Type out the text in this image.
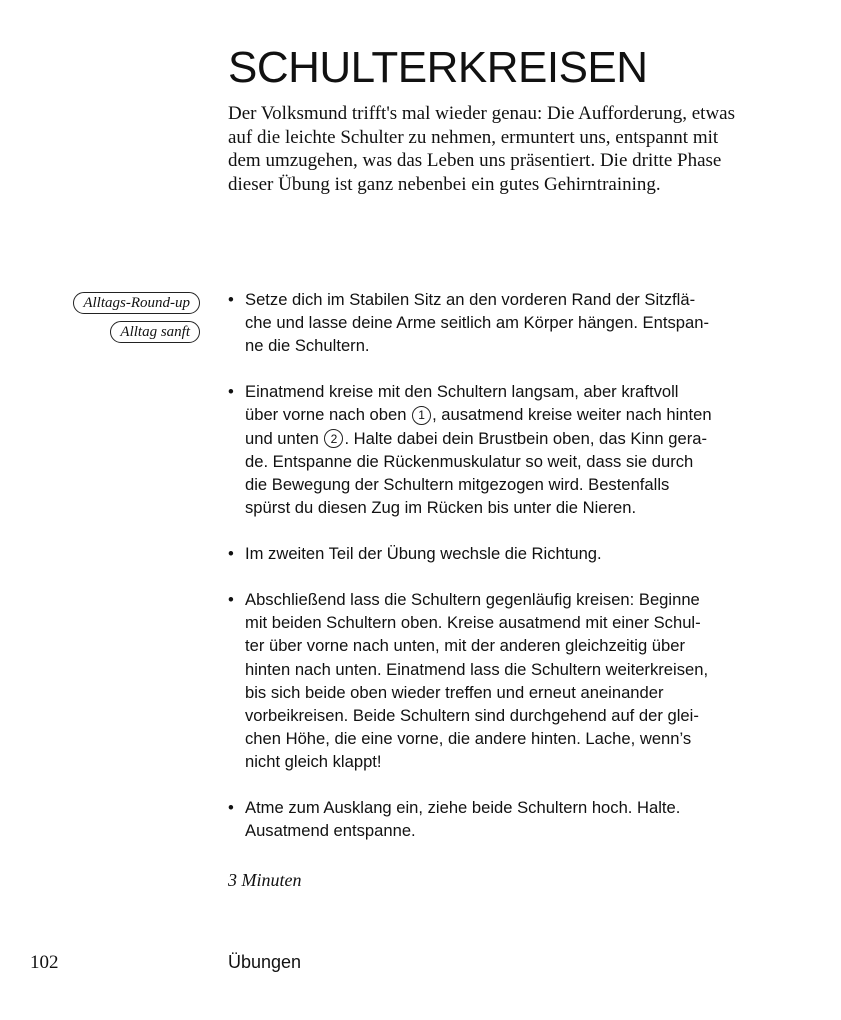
SCHULTERKREISEN

Der Volksmund trifft's mal wieder genau: Die Aufforderung, etwas auf die leichte Schulter zu nehmen, ermuntert uns, entspannt mit dem umzugehen, was das Leben uns präsentiert. Die dritte Phase dieser Übung ist ganz nebenbei ein gutes Gehirntraining.

Alltags-Round-up
Alltag sanft
• Setze dich im Stabilen Sitz an den vorderen Rand der Sitzflä-
che und lasse deine Arme seitlich am Körper hängen. Entspan-
ne die Schultern.
• Einatmend kreise mit den Schultern langsam, aber kraftvoll
über vorne nach oben 1 , ausatmend kreise weiter nach hinten
und unten 2 . Halte dabei dein Brustbein oben, das Kinn gera-
de. Entspanne die Rückenmuskulatur so weit, dass sie durch
die Bewegung der Schultern mitgezogen wird. Bestenfalls
spürst du diesen Zug im Rücken bis unter die Nieren.
• Im zweiten Teil der Übung wechsle die Richtung.
• Abschließend lass die Schultern gegenläufig kreisen: Beginne
mit beiden Schultern oben. Kreise ausatmend mit einer Schul-
ter über vorne nach unten, mit der anderen gleichzeitig über
hinten nach unten. Einatmend lass die Schultern weiterkreisen,
bis sich beide oben wieder treffen und erneut aneinander
vorbeikreisen. Beide Schultern sind durchgehend auf der glei-
chen Höhe, die eine vorne, die andere hinten. Lache, wenn’s
nicht gleich klappt!
• Atme zum Ausklang ein, ziehe beide Schultern hoch. Halte.
Ausatmend entspanne.

3 Minuten

102	Übungen
